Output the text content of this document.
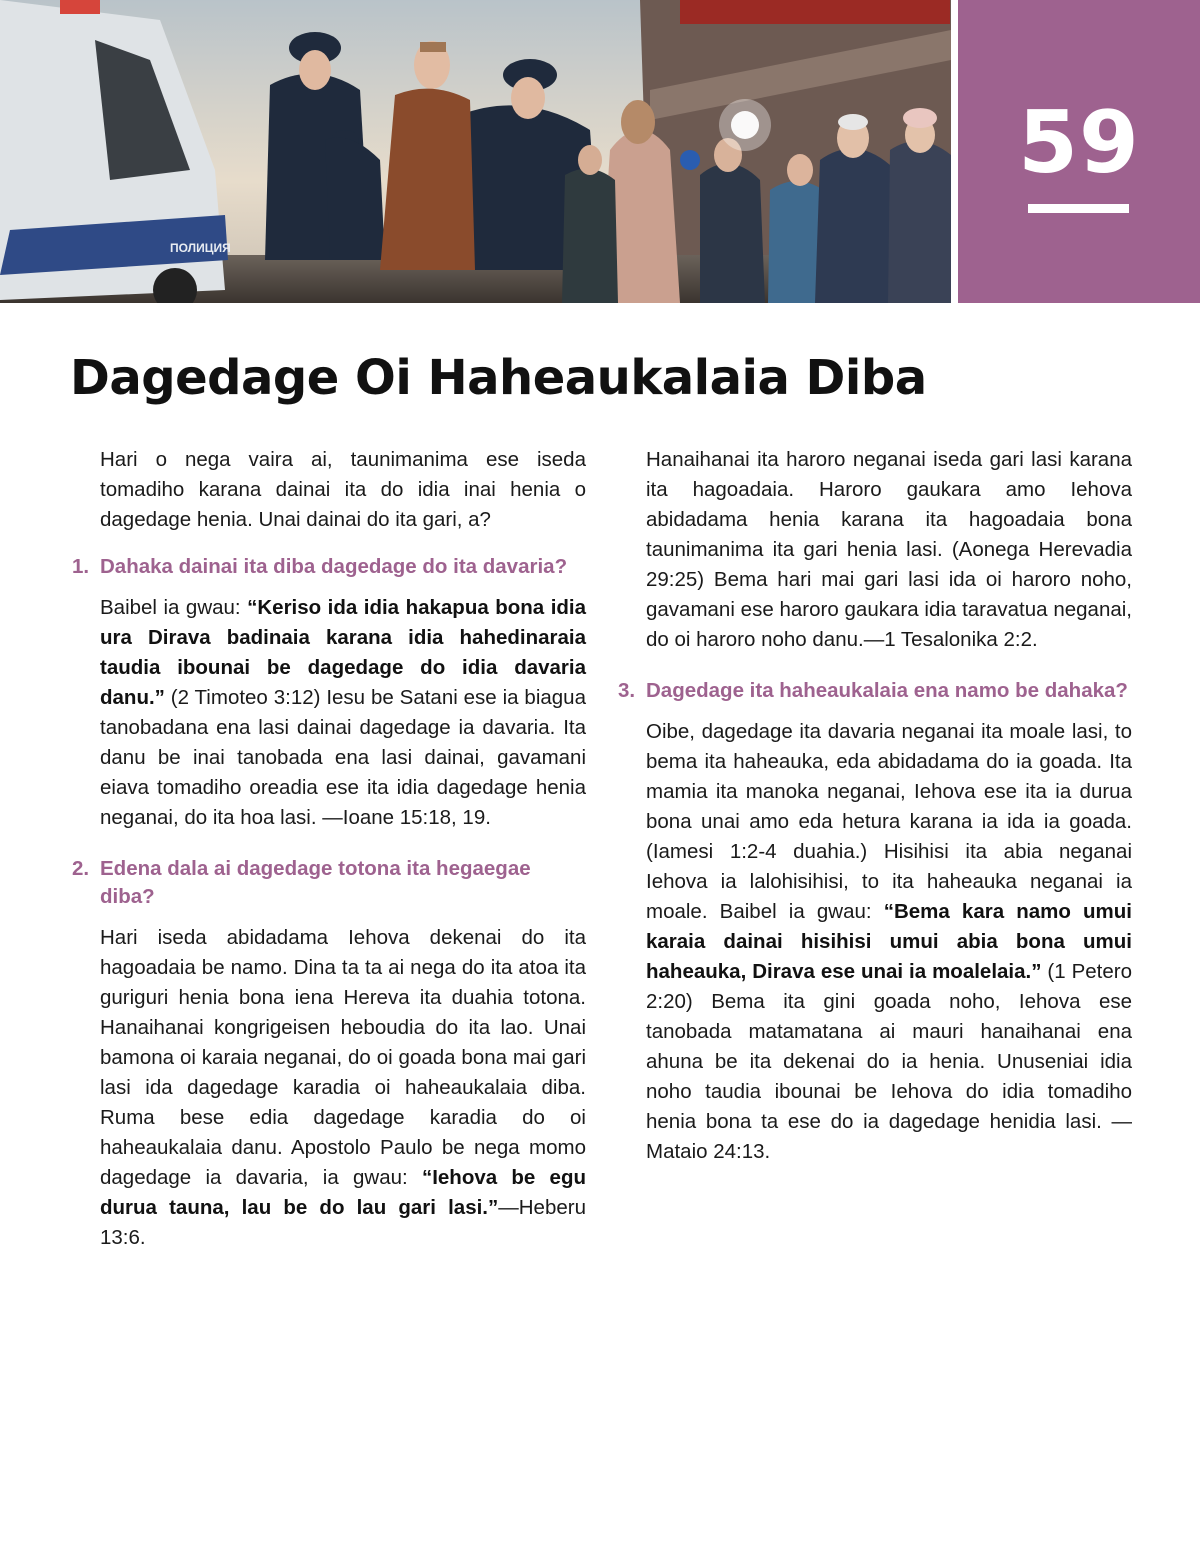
ПОЛИЦИЯ
59
Dagedage Oi Haheaukalaia Diba

Hari o nega vaira ai, taunimanima ese iseda tomadiho karana dainai ita do idia inai henia o dagedage henia. Unai dainai do ita gari, a?

1. Dahaka dainai ita diba dagedage do ita davaria?

Baibel ia gwau: “Keriso ida idia hakapua bona idia ura Dirava badinaia karana idia hahedinaraia taudia ibounai be dagedage do idia davaria danu.” (2 Timoteo 3:12) Iesu be Satani ese ia biagua tanobadana ena lasi dainai dagedage ia davaria. Ita danu be inai tanobada ena lasi dainai, gavamani eiava tomadiho oreadia ese ita idia dagedage henia neganai, do ita hoa lasi. —Ioane 15:18, 19.

2. Edena dala ai dagedage totona ita hegaegae diba?

Hari iseda abidadama Iehova dekenai do ita hagoadaia be namo. Dina ta ta ai nega do ita atoa ita guriguri henia bona iena Hereva ita duahia totona. Hanaihanai kongrigeisen heboudia do ita lao. Unai bamona oi karaia neganai, do oi goada bona mai gari lasi ida dagedage karadia oi haheaukalaia diba. Ruma bese edia dagedage karadia do oi haheaukalaia danu. Apostolo Paulo be nega momo dagedage ia davaria, ia gwau: “Iehova be egu durua tauna, lau be do lau gari lasi.”—Heberu 13:6.

Hanaihanai ita haroro neganai iseda gari lasi karana ita hagoadaia. Haroro gaukara amo Iehova abidadama henia karana ita hagoadaia bona taunimanima ita gari henia lasi. (Aonega Herevadia 29:25) Bema hari mai gari lasi ida oi haroro noho, gavamani ese haroro gaukara idia taravatua neganai, do oi haroro noho danu.—1 Tesalonika 2:2.

3. Dagedage ita haheaukalaia ena namo be dahaka?

Oibe, dagedage ita davaria neganai ita moale lasi, to bema ita haheauka, eda abidadama do ia goada. Ita mamia ita manoka neganai, Iehova ese ita ia durua bona unai amo eda hetura karana ia ida ia goada. (Iamesi 1:2-4 duahia.) Hisihisi ita abia neganai Iehova ia lalohisihisi, to ita haheauka neganai ia moale. Baibel ia gwau: “Bema kara namo umui karaia dainai hisihisi umui abia bona umui haheauka, Dirava ese unai ia moalelaia.” (1 Petero 2:20) Bema ita gini goada noho, Iehova ese tanobada matamatana ai mauri hanaihanai ena ahuna be ita dekenai do ia henia. Unuseniai idia noho taudia ibounai be Iehova do idia tomadiho henia bona ta ese do ia dagedage henidia lasi. —Mataio 24:13.
